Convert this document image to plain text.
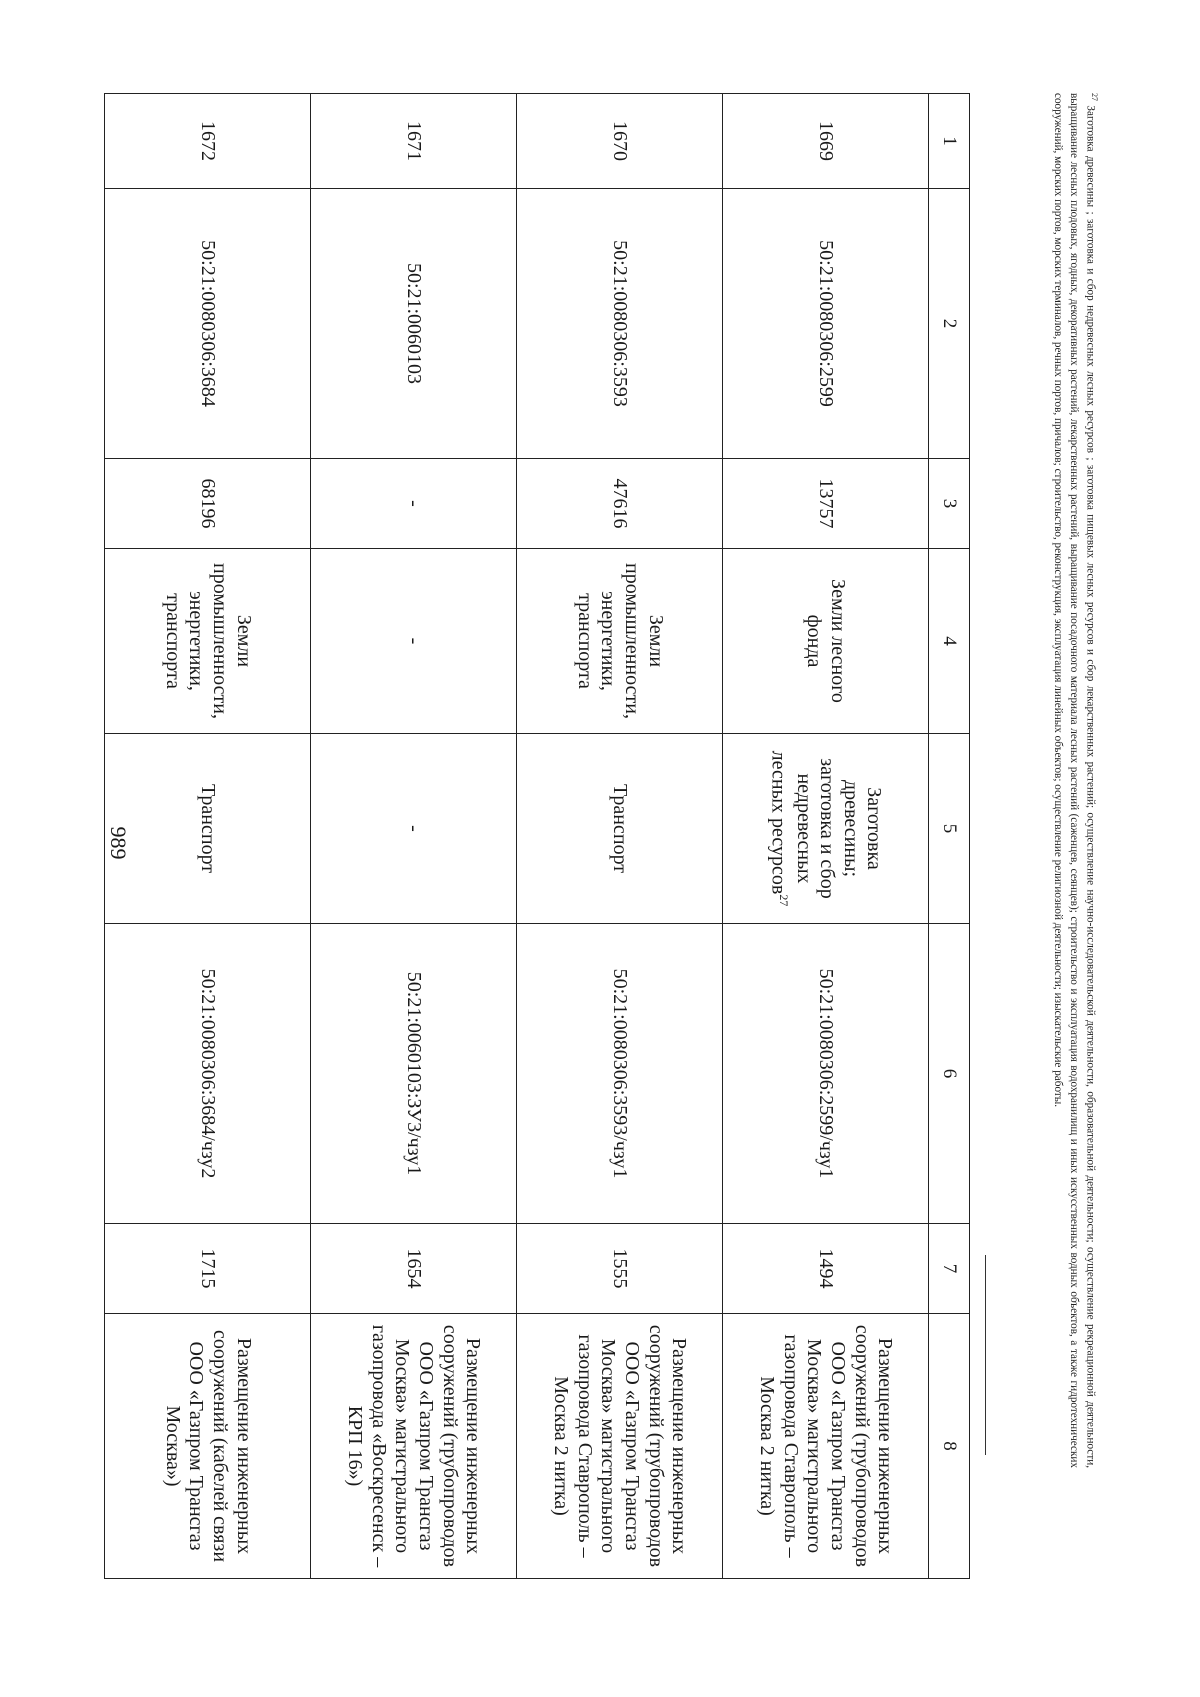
989
1	2	3	4	5	6	7	8
1669	50:21:0080306:2599	13757	Земли лесного фонда	Заготовка древесины; заготовка и сбор недревесных лесных ресурсов$^{27}$	50:21:0080306:2599/чзу1	1494	Размещение инженерных сооружений (трубопроводов ООО «Газпром Трансгаз Москва» магистрального газопровода Ставрополь – Москва 2 нитка)
1670	50:21:0080306:3593	47616	Земли промышленности, энергетики, транспорта	Транспорт	50:21:0080306:3593/чзу1	1555	Размещение инженерных сооружений (трубопроводов ООО «Газпром Трансгаз Москва» магистрального газопровода Ставрополь – Москва 2 нитка)
1671	50:21:0060103	-	-	-	50:21:0060103:ЗУ3/чзу1	1654	Размещение инженерных сооружений (трубопроводов ООО «Газпром Трансгаз Москва» магистрального газопровода «Воскресенск – КРП 16»)
1672	50:21:0080306:3684	68196	Земли промышленности, энергетики, транспорта	Транспорт	50:21:0080306:3684/чзу2	1715	Размещение инженерных сооружений (кабелей связи ООО «Газпром Трансгаз Москва»)
$^{27}$ Заготовка древесины ; заготовка и сбор недревесных лесных ресурсов ; заготовка пищевых лесных ресурсов и сбор лекарственных растений; осуществление научно-исследовательской деятельности, образовательной деятельности; осуществление рекреационной деятельности, выращивание лесных плодовых, ягодных, декоративных растений, лекарственных растений, выращивание посадочного материала лесных растений (саженцев, сеянцев); строительство и эксплуатация водохранилищ и иных искусственных водных объектов, а также гидротехнических сооружений, морских портов, морских терминалов, речных портов, причалов; строительство, реконструкция, эксплуатация линейных объектов; осуществление религиозной деятельности; изыскательские работы.
